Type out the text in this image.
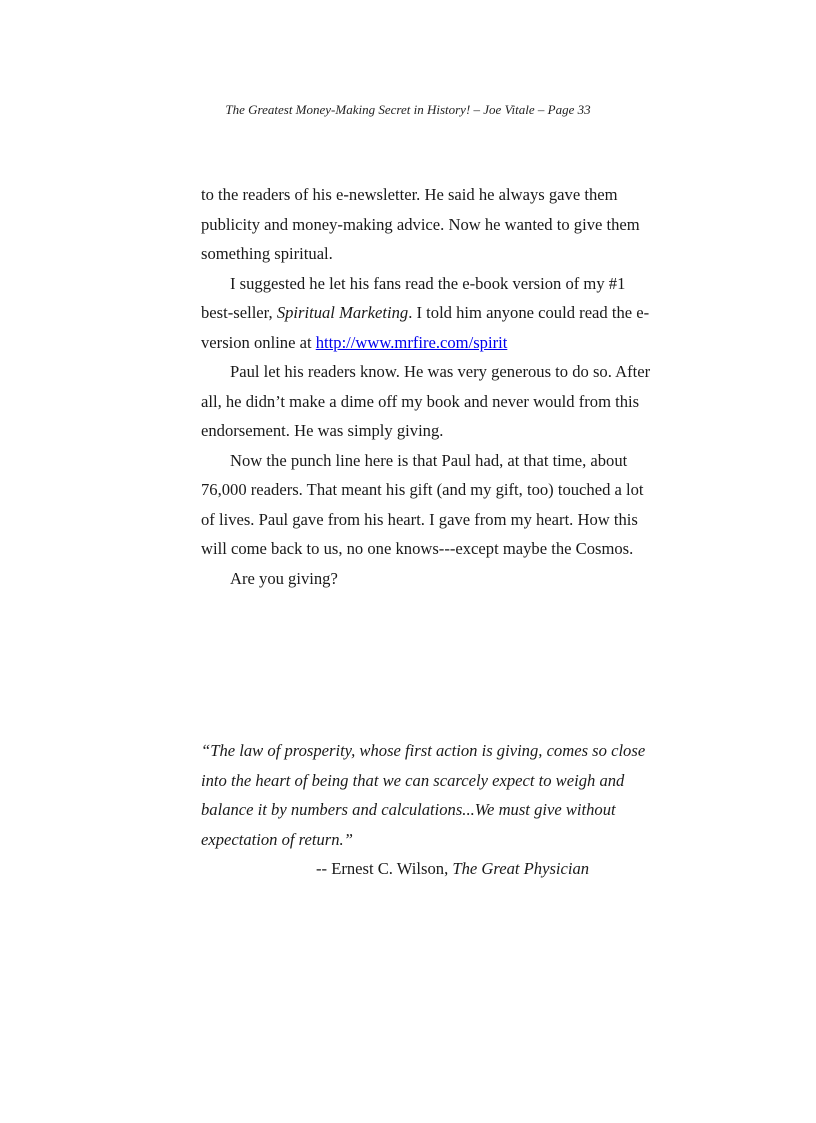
The Greatest Money-Making Secret in History! – Joe Vitale – Page 33

to the readers of his e-newsletter. He said he always gave them

publicity and money-making advice. Now he wanted to give them

something spiritual.

I suggested he let his fans read the e-book version of my #1

best-seller, Spiritual Marketing. I told him anyone could read the e-

version online at http://www.mrfire.com/spirit

Paul let his readers know. He was very generous to do so. After

all, he didn’t make a dime off my book and never would from this

endorsement. He was simply giving.

Now the punch line here is that Paul had, at that time, about

76,000 readers. That meant his gift (and my gift, too) touched a lot

of lives. Paul gave from his heart. I gave from my heart. How this

will come back to us, no one knows---except maybe the Cosmos.

Are you giving?

“The law of prosperity, whose first action is giving, comes so close

into the heart of being that we can scarcely expect to weigh and

balance it by numbers and calculations...We must give without

expectation of return.”

-- Ernest C. Wilson, The Great Physician
